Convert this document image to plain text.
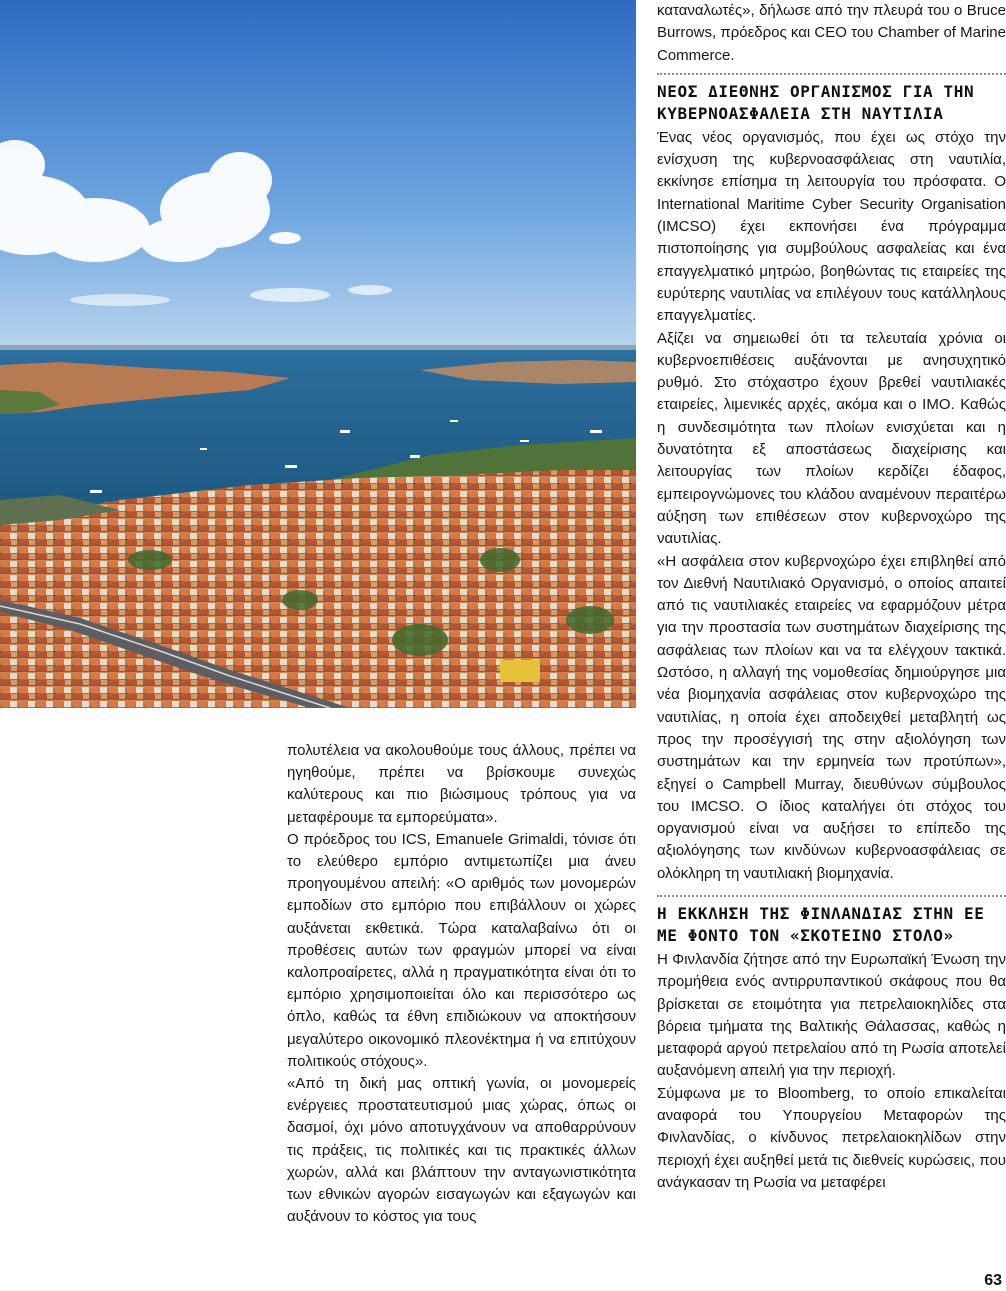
πολυτέλεια να ακολουθούμε τους άλλους, πρέπει να ηγηθούμε, πρέπει να βρίσκουμε συνεχώς καλύτερους και πιο βιώσιμους τρόπους για να μεταφέρουμε τα εμπορεύματα».

Ο πρόεδρος του ICS, Emanuele Grimaldi, τόνισε ότι το ελεύθερο εμπόριο αντιμετωπίζει μια άνευ προηγουμένου απειλή: «Ο αριθμός των μονομερών εμποδίων στο εμπόριο που επιβάλλουν οι χώρες αυξάνεται εκθετικά. Τώρα καταλαβαίνω ότι οι προθέσεις αυτών των φραγμών μπορεί να είναι καλοπροαίρετες, αλλά η πραγματικότητα είναι ότι το εμπόριο χρησιμοποιείται όλο και περισσότερο ως όπλο, καθώς τα έθνη επιδιώκουν να αποκτήσουν μεγαλύτερο οικονομικό πλεονέκτημα ή να επιτύχουν πολιτικούς στόχους».

«Από τη δική μας οπτική γωνία, οι μονομερείς ενέργειες προστατευτισμού μιας χώρας, όπως οι δασμοί, όχι μόνο αποτυγχάνουν να αποθαρρύνουν τις πράξεις, τις πολιτικές και τις πρακτικές άλλων χωρών, αλλά και βλάπτουν την ανταγωνιστικότητα των εθνικών αγορών εισαγωγών και εξαγωγών και αυξάνουν το κόστος για τους

καταναλωτές», δήλωσε από την πλευρά του ο Bruce Burrows, πρόεδρος και CEO του Chamber of Marine Commerce.

ΝΕΟΣ ΔΙΕΘΝΗΣ ΟΡΓΑΝΙΣΜΟΣ ΓΙΑ ΤΗΝ ΚΥΒΕΡΝΟΑΣΦΑΛΕΙΑ ΣΤΗ ΝΑΥΤΙΛΙΑ

Ένας νέος οργανισμός, που έχει ως στόχο την ενίσχυση της κυβερνοασφάλειας στη ναυτιλία, εκκίνησε επίσημα τη λειτουργία του πρόσφατα. Ο International Maritime Cyber Security Organisation (IMCSO) έχει εκπονήσει ένα πρόγραμμα πιστοποίησης για συμβούλους ασφαλείας και ένα επαγγελματικό μητρώο, βοηθώντας τις εταιρείες της ευρύτερης ναυτιλίας να επιλέγουν τους κατάλληλους επαγγελματίες.

Αξίζει να σημειωθεί ότι τα τελευταία χρόνια οι κυβερνοεπιθέσεις αυξάνονται με ανησυχητικό ρυθμό. Στο στόχαστρο έχουν βρεθεί ναυτιλιακές εταιρείες, λιμενικές αρχές, ακόμα και ο IMO. Καθώς η συνδεσιμότητα των πλοίων ενισχύεται και η δυνατότητα εξ αποστάσεως διαχείρισης και λειτουργίας των πλοίων κερδίζει έδαφος, εμπειρογνώμονες του κλάδου αναμένουν περαιτέρω αύξηση των επιθέσεων στον κυβερνοχώρο της ναυτιλίας.

«Η ασφάλεια στον κυβερνοχώρο έχει επιβληθεί από τον Διεθνή Ναυτιλιακό Οργανισμό, ο οποίος απαιτεί από τις ναυτιλιακές εταιρείες να εφαρμόζουν μέτρα για την προστασία των συστημάτων διαχείρισης της ασφάλειας των πλοίων και να τα ελέγχουν τακτικά. Ωστόσο, η αλλαγή της νομοθεσίας δημιούργησε μια νέα βιομηχανία ασφάλειας στον κυβερνοχώρο της ναυτιλίας, η οποία έχει αποδειχθεί μεταβλητή ως προς την προσέγγισή της στην αξιολόγηση των συστημάτων και την ερμηνεία των προτύπων», εξηγεί ο Campbell Murray, διευθύνων σύμβουλος του IMCSO. Ο ίδιος καταλήγει ότι στόχος του οργανισμού είναι να αυξήσει το επίπεδο της αξιολόγησης των κινδύνων κυβερνοασφάλειας σε ολόκληρη τη ναυτιλιακή βιομηχανία.

Η ΕΚΚΛΗΣΗ ΤΗΣ ΦΙΝΛΑΝΔΙΑΣ ΣΤΗΝ ΕΕ ΜΕ ΦΟΝΤΟ ΤΟΝ «ΣΚΟΤΕΙΝΟ ΣΤΟΛΟ»

Η Φινλανδία ζήτησε από την Ευρωπαϊκή Ένωση την προμήθεια ενός αντιρρυπαντικού σκάφους που θα βρίσκεται σε ετοιμότητα για πετρελαιοκηλίδες στα βόρεια τμήματα της Βαλτικής Θάλασσας, καθώς η μεταφορά αργού πετρελαίου από τη Ρωσία αποτελεί αυξανόμενη απειλή για την περιοχή.

Σύμφωνα με το Bloomberg, το οποίο επικαλείται αναφορά του Υπουργείου Μεταφορών της Φινλανδίας, ο κίνδυνος πετρελαιοκηλίδων στην περιοχή έχει αυξηθεί μετά τις διεθνείς κυρώσεις, που ανάγκασαν τη Ρωσία να μεταφέρει

63
